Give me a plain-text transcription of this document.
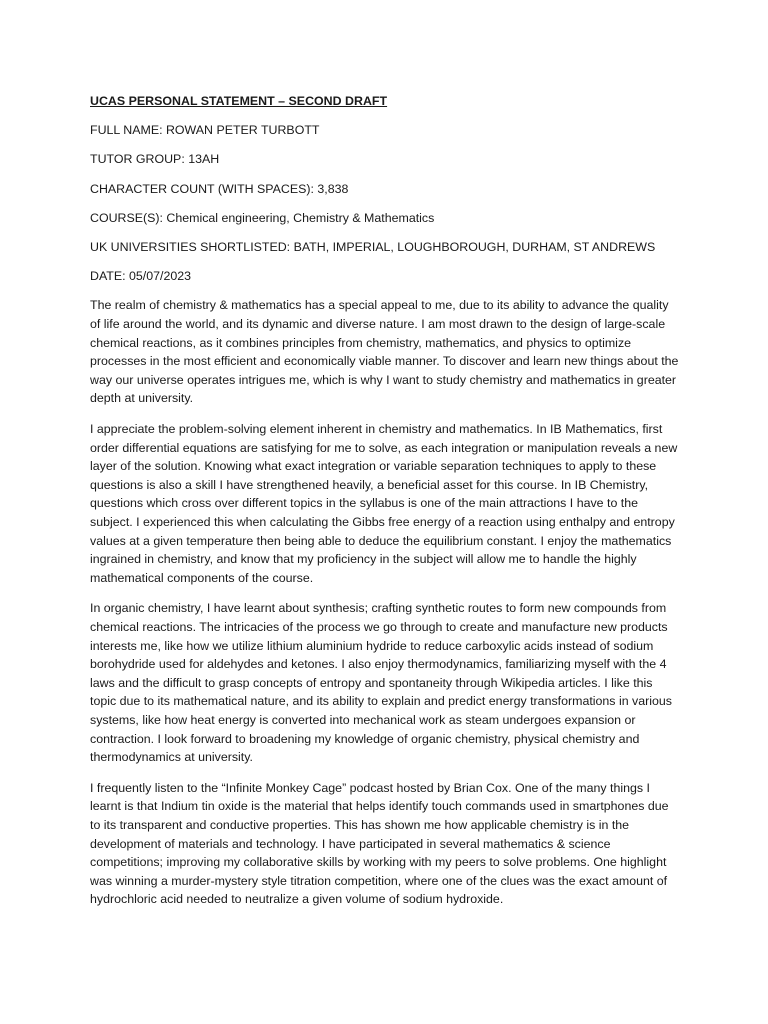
UCAS PERSONAL STATEMENT – SECOND DRAFT
FULL NAME: ROWAN PETER TURBOTT
TUTOR GROUP: 13AH
CHARACTER COUNT (WITH SPACES): 3,838
COURSE(S): Chemical engineering, Chemistry & Mathematics
UK UNIVERSITIES SHORTLISTED: BATH, IMPERIAL, LOUGHBOROUGH, DURHAM, ST ANDREWS
DATE: 05/07/2023

The realm of chemistry & mathematics has a special appeal to me, due to its ability to advance the quality of life around the world, and its dynamic and diverse nature. I am most drawn to the design of large-scale chemical reactions, as it combines principles from chemistry, mathematics, and physics to optimize processes in the most efficient and economically viable manner. To discover and learn new things about the way our universe operates intrigues me, which is why I want to study chemistry and mathematics in greater depth at university.

I appreciate the problem-solving element inherent in chemistry and mathematics. In IB Mathematics, first order differential equations are satisfying for me to solve, as each integration or manipulation reveals a new layer of the solution. Knowing what exact integration or variable separation techniques to apply to these questions is also a skill I have strengthened heavily, a beneficial asset for this course. In IB Chemistry, questions which cross over different topics in the syllabus is one of the main attractions I have to the subject. I experienced this when calculating the Gibbs free energy of a reaction using enthalpy and entropy values at a given temperature then being able to deduce the equilibrium constant. I enjoy the mathematics ingrained in chemistry, and know that my proficiency in the subject will allow me to handle the highly mathematical components of the course.

In organic chemistry, I have learnt about synthesis; crafting synthetic routes to form new compounds from chemical reactions. The intricacies of the process we go through to create and manufacture new products interests me, like how we utilize lithium aluminium hydride to reduce carboxylic acids instead of sodium borohydride used for aldehydes and ketones. I also enjoy thermodynamics, familiarizing myself with the 4 laws and the difficult to grasp concepts of entropy and spontaneity through Wikipedia articles. I like this topic due to its mathematical nature, and its ability to explain and predict energy transformations in various systems, like how heat energy is converted into mechanical work as steam undergoes expansion or contraction. I look forward to broadening my knowledge of organic chemistry, physical chemistry and thermodynamics at university.

I frequently listen to the “Infinite Monkey Cage” podcast hosted by Brian Cox. One of the many things I learnt is that Indium tin oxide is the material that helps identify touch commands used in smartphones due to its transparent and conductive properties. This has shown me how applicable chemistry is in the development of materials and technology. I have participated in several mathematics & science competitions; improving my collaborative skills by working with my peers to solve problems. One highlight was winning a murder-mystery style titration competition, where one of the clues was the exact amount of hydrochloric acid needed to neutralize a given volume of sodium hydroxide.
